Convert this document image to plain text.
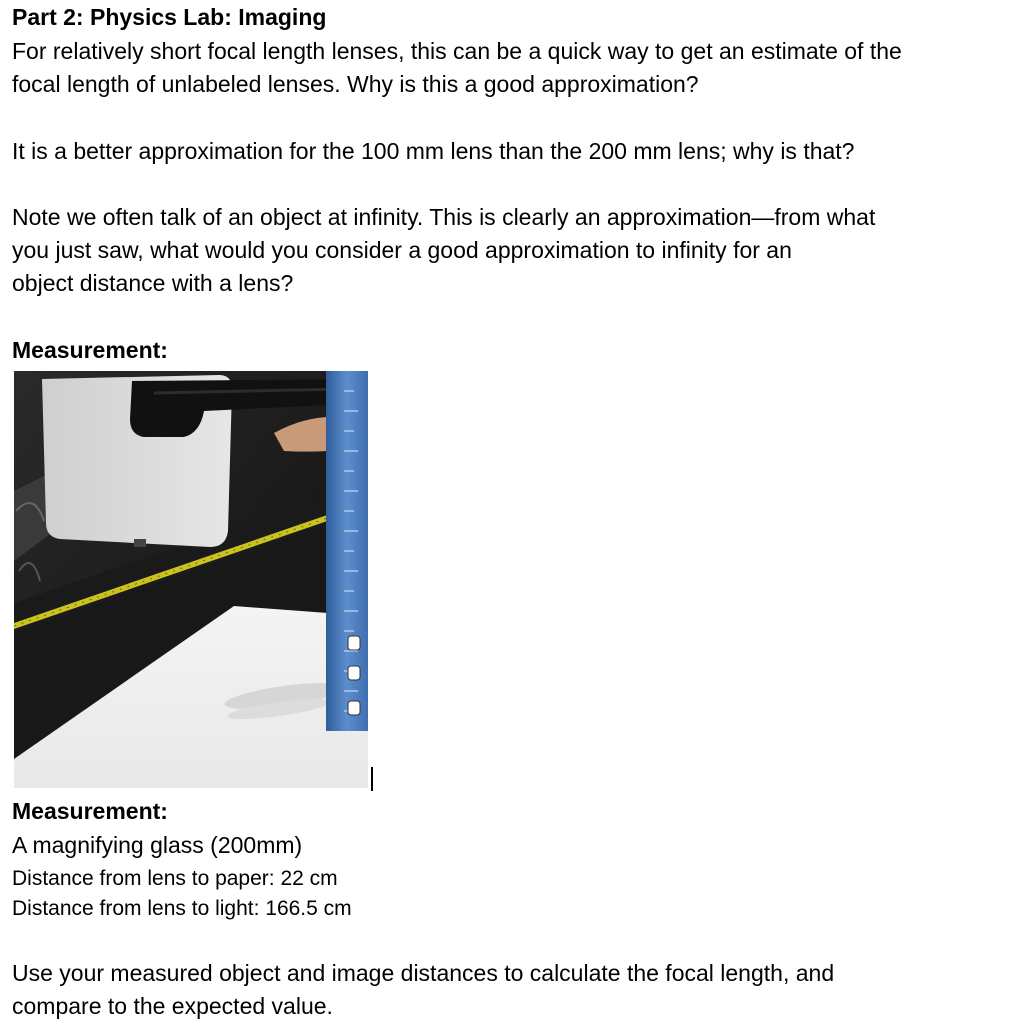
Part 2: Physics Lab: Imaging
For relatively short focal length lenses, this can be a quick way to get an estimate of the
focal length of unlabeled lenses. Why is this a good approximation?
It is a better approximation for the 100 mm lens than the 200 mm lens; why is that?
Note we often talk of an object at infinity. This is clearly an approximation—from what
you just saw, what would you consider a good approximation to infinity for an
object distance with a lens?
Measurement:
Measurement:
A magnifying glass (200mm)
Distance from lens to paper: 22 cm
Distance from lens to light: 166.5 cm
Use your measured object and image distances to calculate the focal length, and
compare to the expected value.
